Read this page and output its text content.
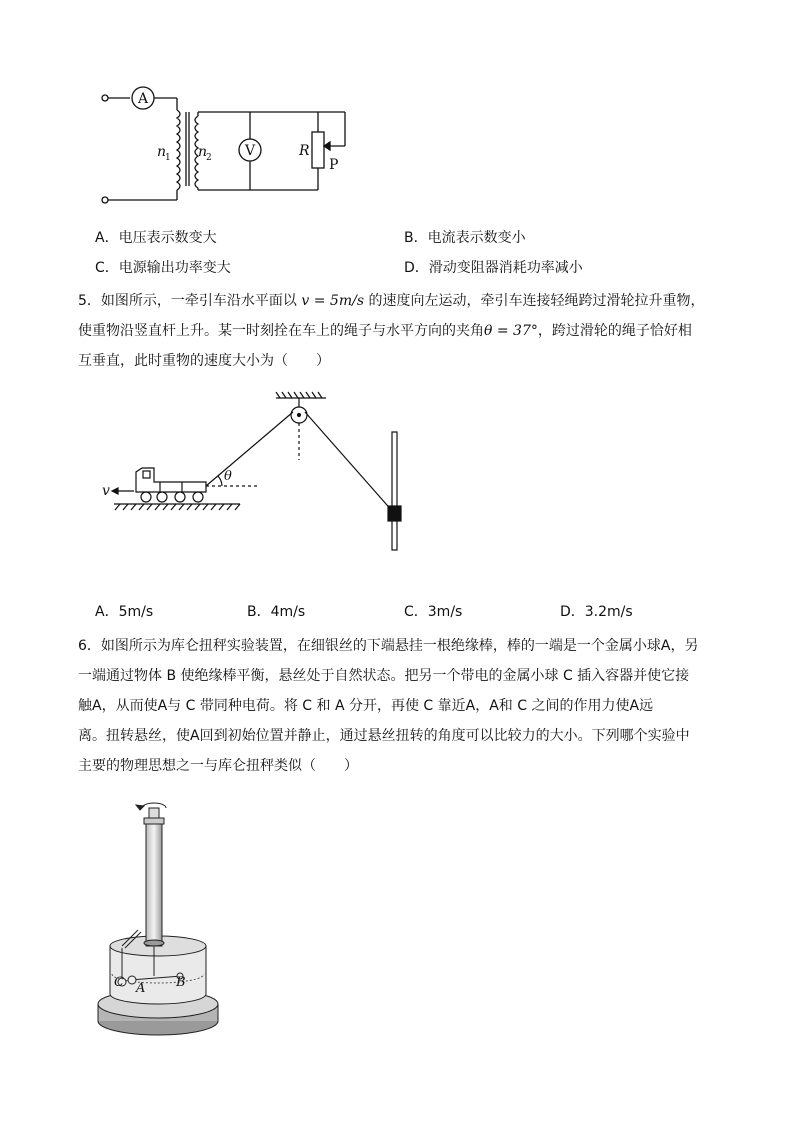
A
V
n
1 n
2	R
P
A．电压表示数变大	B．电流表示数变小
C．电源输出功率变大	D．滑动变阻器消耗功率减小
5．如图所示，一牵引车沿水平面以 v = 5m/s 的速度向左运动，牵引车连接轻绳跨过滑轮拉升重物，
使重物沿竖直杆上升。某一时刻拴在车上的绳子与水平方向的夹角θ = 37°，跨过滑轮的绳子恰好相
互垂直，此时重物的速度大小为（　　）
v
θ
A．5m/s	B．4m/s	C．3m/s	D．3.2m/s
6．如图所示为库仑扭秤实验装置，在细银丝的下端悬挂一根绝缘棒，棒的一端是一个金属小球A，另
一端通过物体 B 使绝缘棒平衡，悬丝处于自然状态。把另一个带电的金属小球 C 插入容器并使它接
触A，从而使A与 C 带同种电荷。将 C 和 A 分开，再使 C 靠近A，A和 C 之间的作用力使A远
离。扭转悬丝，使A回到初始位置并静止，通过悬丝扭转的角度可以比较力的大小。下列哪个实验中
主要的物理思想之一与库仑扭秤类似（　　）
C A B
